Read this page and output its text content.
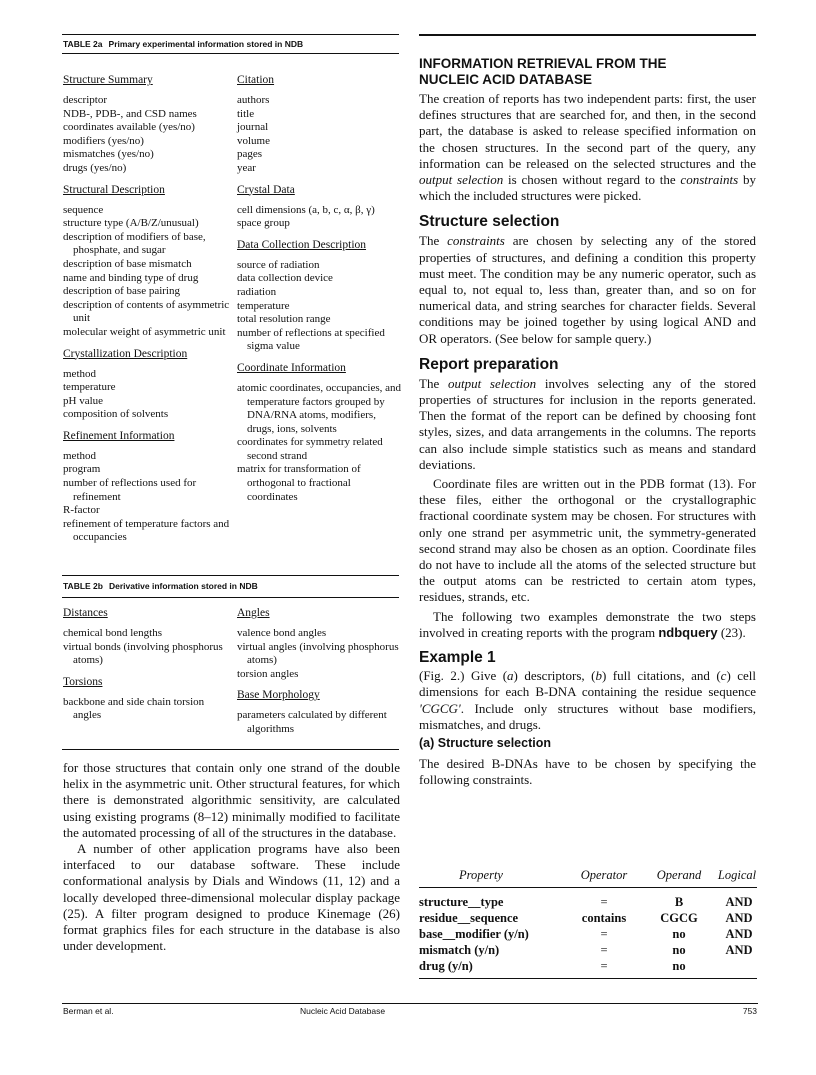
TABLE 2a Primary experimental information stored in NDB
Structure Summary
descriptor
NDB-, PDB-, and CSD names
coordinates available (yes/no)
modifiers (yes/no)
mismatches (yes/no)
drugs (yes/no)
Structural Description
sequence
structure type (A/B/Z/unusual)
description of modifiers of base, phosphate, and sugar
description of base mismatch
name and binding type of drug
description of base pairing
description of contents of asymmetric unit
molecular weight of asymmetric unit
Crystallization Description
method
temperature
pH value
composition of solvents
Refinement Information
method
program
number of reflections used for refinement
R-factor
refinement of temperature factors and occupancies
Citation
authors
title
journal
volume
pages
year
Crystal Data
cell dimensions (a, b, c, α, β, γ)
space group
Data Collection Description
source of radiation
data collection device
radiation
temperature
total resolution range
number of reflections at specified sigma value
Coordinate Information
atomic coordinates, occupancies, and temperature factors grouped by DNA/RNA atoms, modifiers, drugs, ions, solvents
coordinates for symmetry related second strand
matrix for transformation of orthogonal to fractional coordinates
TABLE 2b Derivative information stored in NDB
Distances
chemical bond lengths
virtual bonds (involving phosphorus atoms)
Torsions
backbone and side chain torsion angles
Angles
valence bond angles
virtual angles (involving phosphorus atoms)
torsion angles
Base Morphology
parameters calculated by different algorithms

for those structures that contain only one strand of the double helix in the asymmetric unit. Other structural features, for which there is demonstrated algorithmic sensitivity, are calculated using existing programs (8–12) minimally modified to facilitate the automated processing of all of the structures in the database.

A number of other application programs have also been interfaced to our database software. These include conformational analysis by Dials and Windows (11, 12) and a locally developed three-dimensional molecular display package (25). A filter program designed to produce Kinemage (26) format graphics files for each structure in the database is also under development.

INFORMATION RETRIEVAL FROM THE
NUCLEIC ACID DATABASE

The creation of reports has two independent parts: first, the user defines structures that are searched for, and then, in the second part, the database is asked to release specified information on the chosen structures. In the second part of the query, any information can be released on the selected structures and the output selection is chosen without regard to the constraints by which the included structures were picked.

Structure selection

The constraints are chosen by selecting any of the stored properties of structures, and defining a condition this property must meet. The condition may be any numeric operator, such as equal to, not equal to, less than, greater than, and so on for numerical data, and string searches for character fields. Several conditions may be joined together by using logical AND and OR operators. (See below for sample query.)

Report preparation

The output selection involves selecting any of the stored properties of structures for inclusion in the reports generated. Then the format of the report can be defined by choosing font styles, sizes, and data arrangements in the columns. The reports can also include simple statistics such as means and standard deviations.

Coordinate files are written out in the PDB format (13). For these files, either the orthogonal or the crystallographic fractional coordinate system may be chosen. For structures with only one strand per asymmetric unit, the symmetry-generated second strand may also be chosen as an option. Coordinate files do not have to include all the atoms of the selected structure but the output atoms can be restricted to certain atom types, residues, strands, etc.

The following two examples demonstrate the two steps involved in creating reports with the program ndbquery (23).

Example 1

(Fig. 2.) Give (a) descriptors, (b) full citations, and (c) cell dimensions for each B-DNA containing the residue sequence 'CGCG'. Include only structures without base modifiers, mismatches, and drugs.

(a) Structure selection

The desired B-DNAs have to be chosen by specifying the following constraints.

Property	Operator	Operand	Logical
structure__type	=	B	AND
residue__sequence	contains	CGCG	AND
base__modifier (y/n)	=	no	AND
mismatch (y/n)	=	no	AND
drug (y/n)	=	no
Berman et al.	Nucleic Acid Database	753
